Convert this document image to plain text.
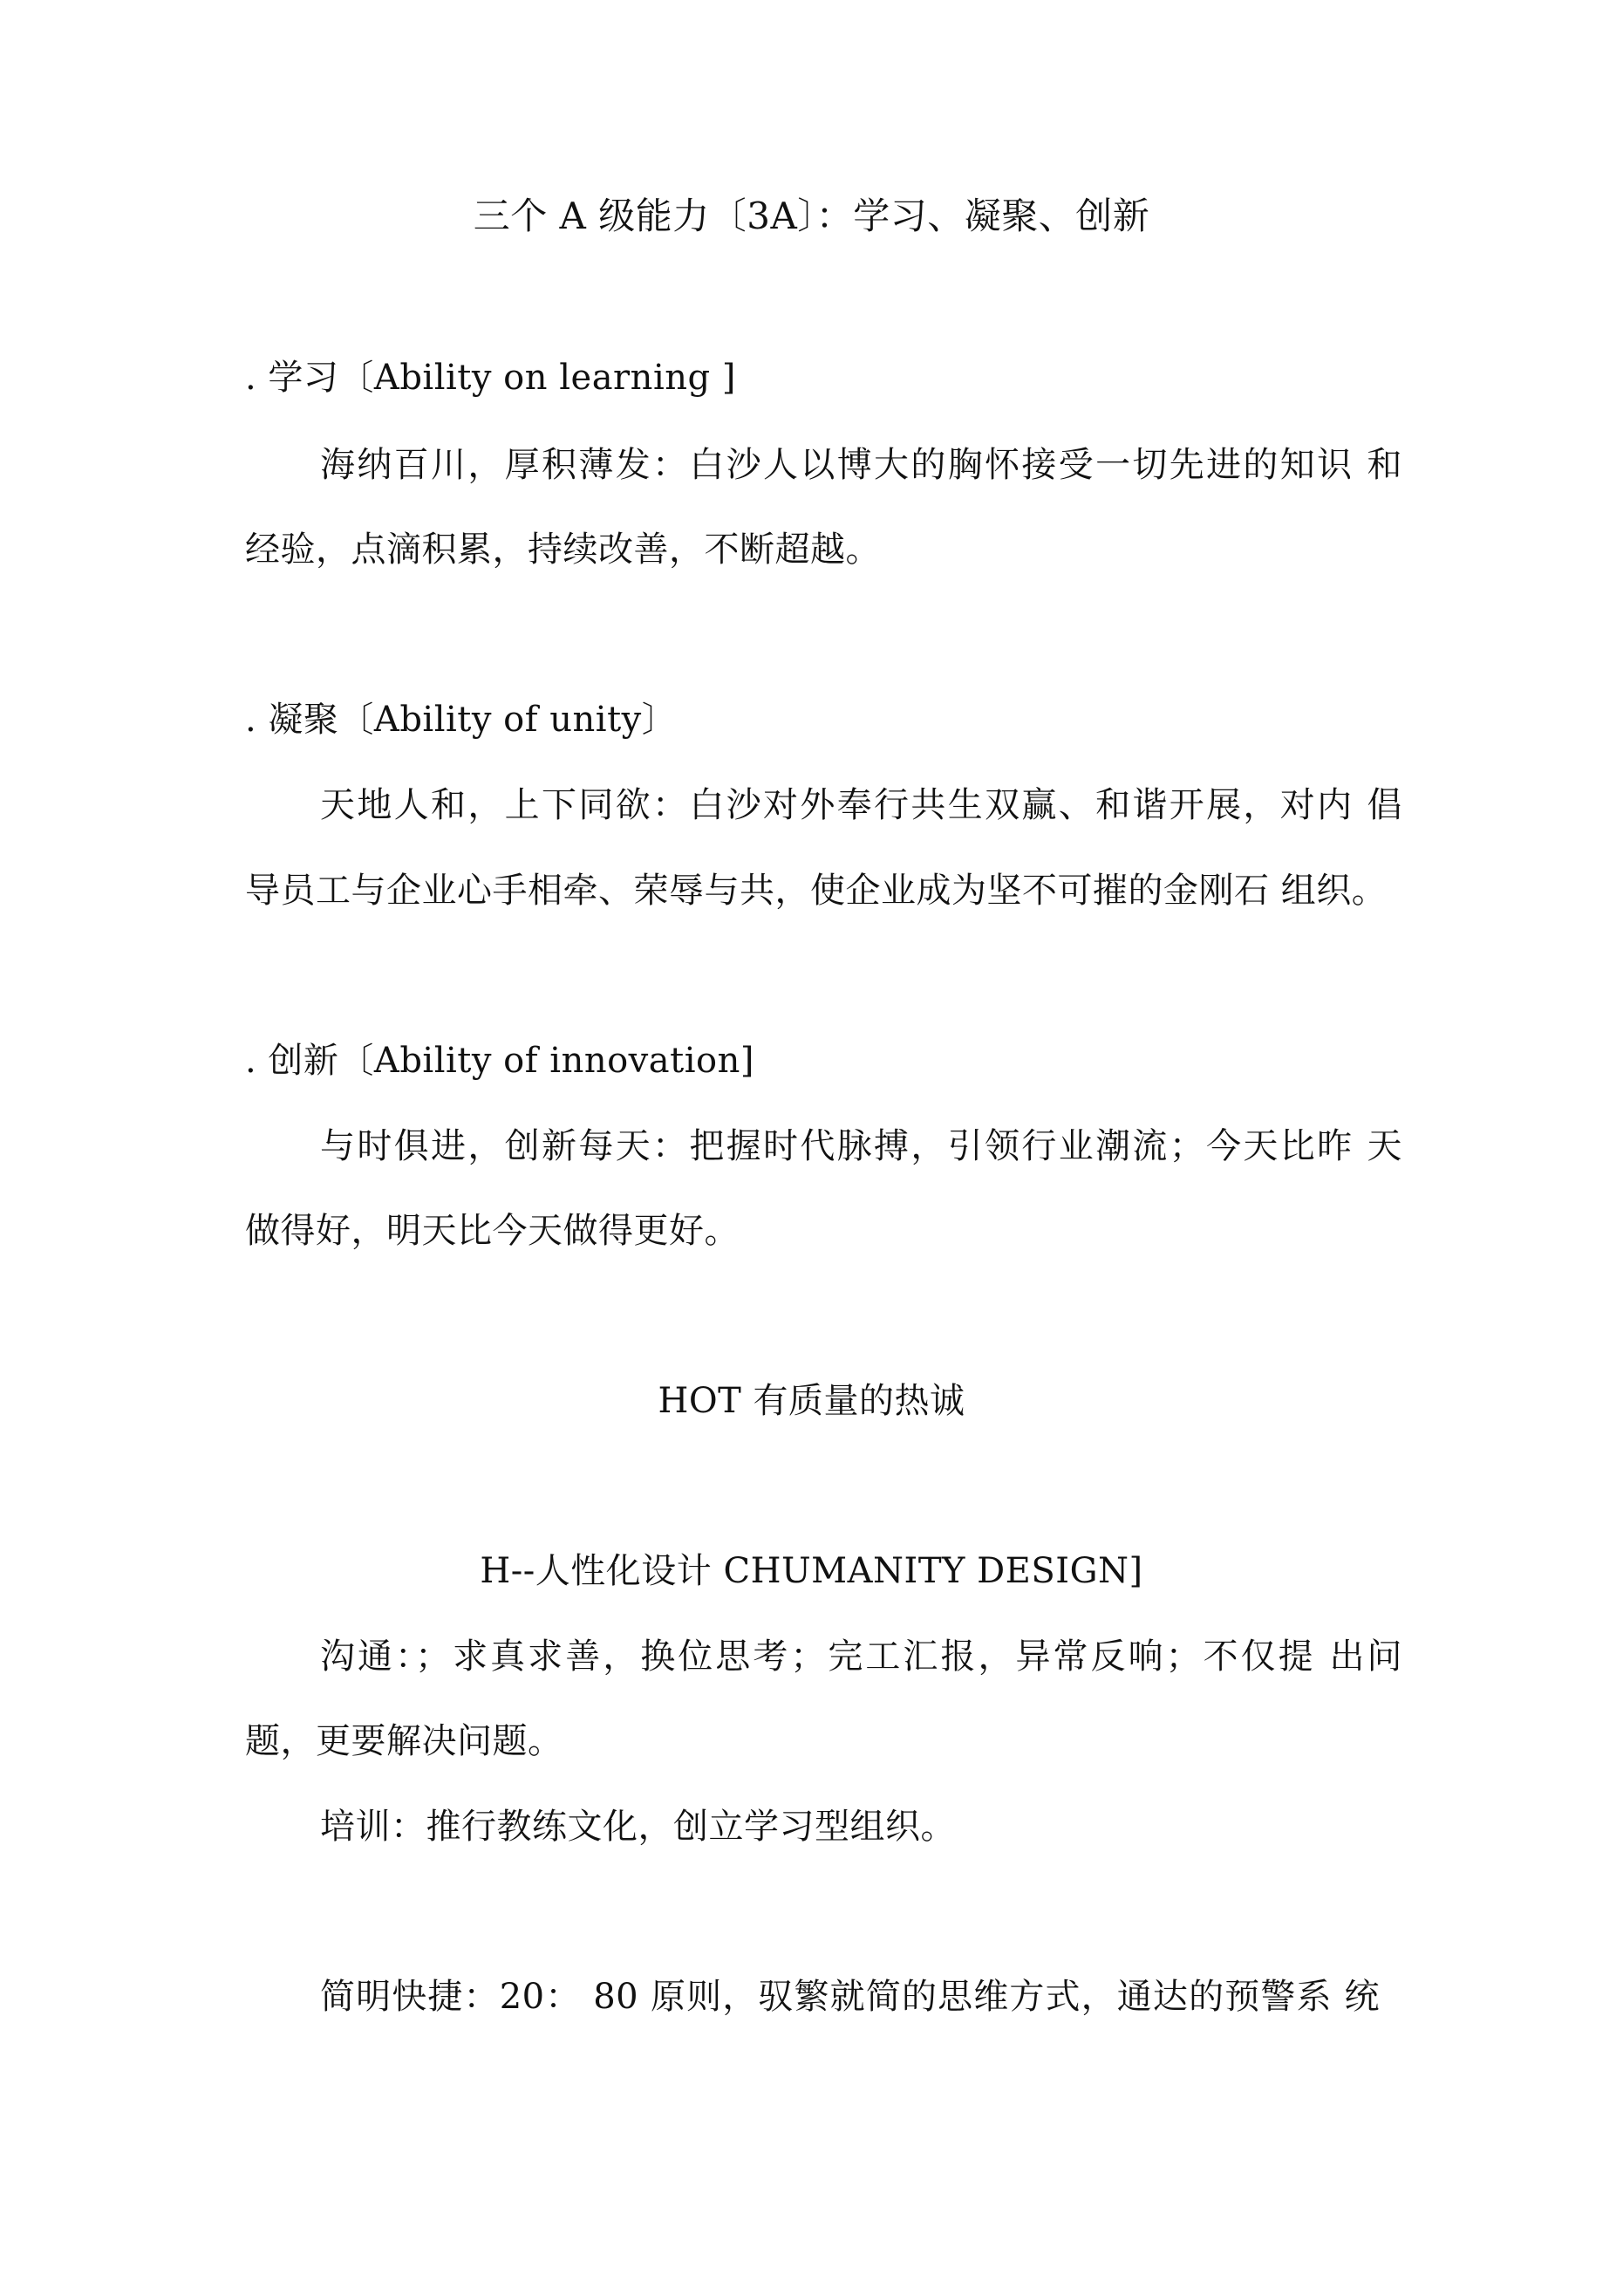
三个 A 级能力〔3A〕：学习、凝聚、创新
. 学习〔Ability on learning ]
海纳百川，厚积薄发：白沙人以博大的胸怀接受一切先进的知识 和
经验，点滴积累，持续改善，不断超越。
. 凝聚〔Ability of unity〕
天地人和，上下同欲：白沙对外奉行共生双赢、和谐开展，对内 倡
导员工与企业心手相牵、荣辱与共，使企业成为坚不可摧的金刚石 组织。
. 创新〔Ability of innovation]
与时俱进，创新每天：把握时代脉搏，引领行业潮流；今天比昨 天
做得好，明天比今天做得更好。
HOT 有质量的热诚
H--人性化设计 CHUMANITY DESIGN]
沟通：；求真求善，换位思考；完工汇报，异常反响；不仅提 出问
题，更要解决问题。
培训：推行教练文化，创立学习型组织。
简明快捷：20： 80 原则，驭繁就简的思维方式，通达的预警系 统
